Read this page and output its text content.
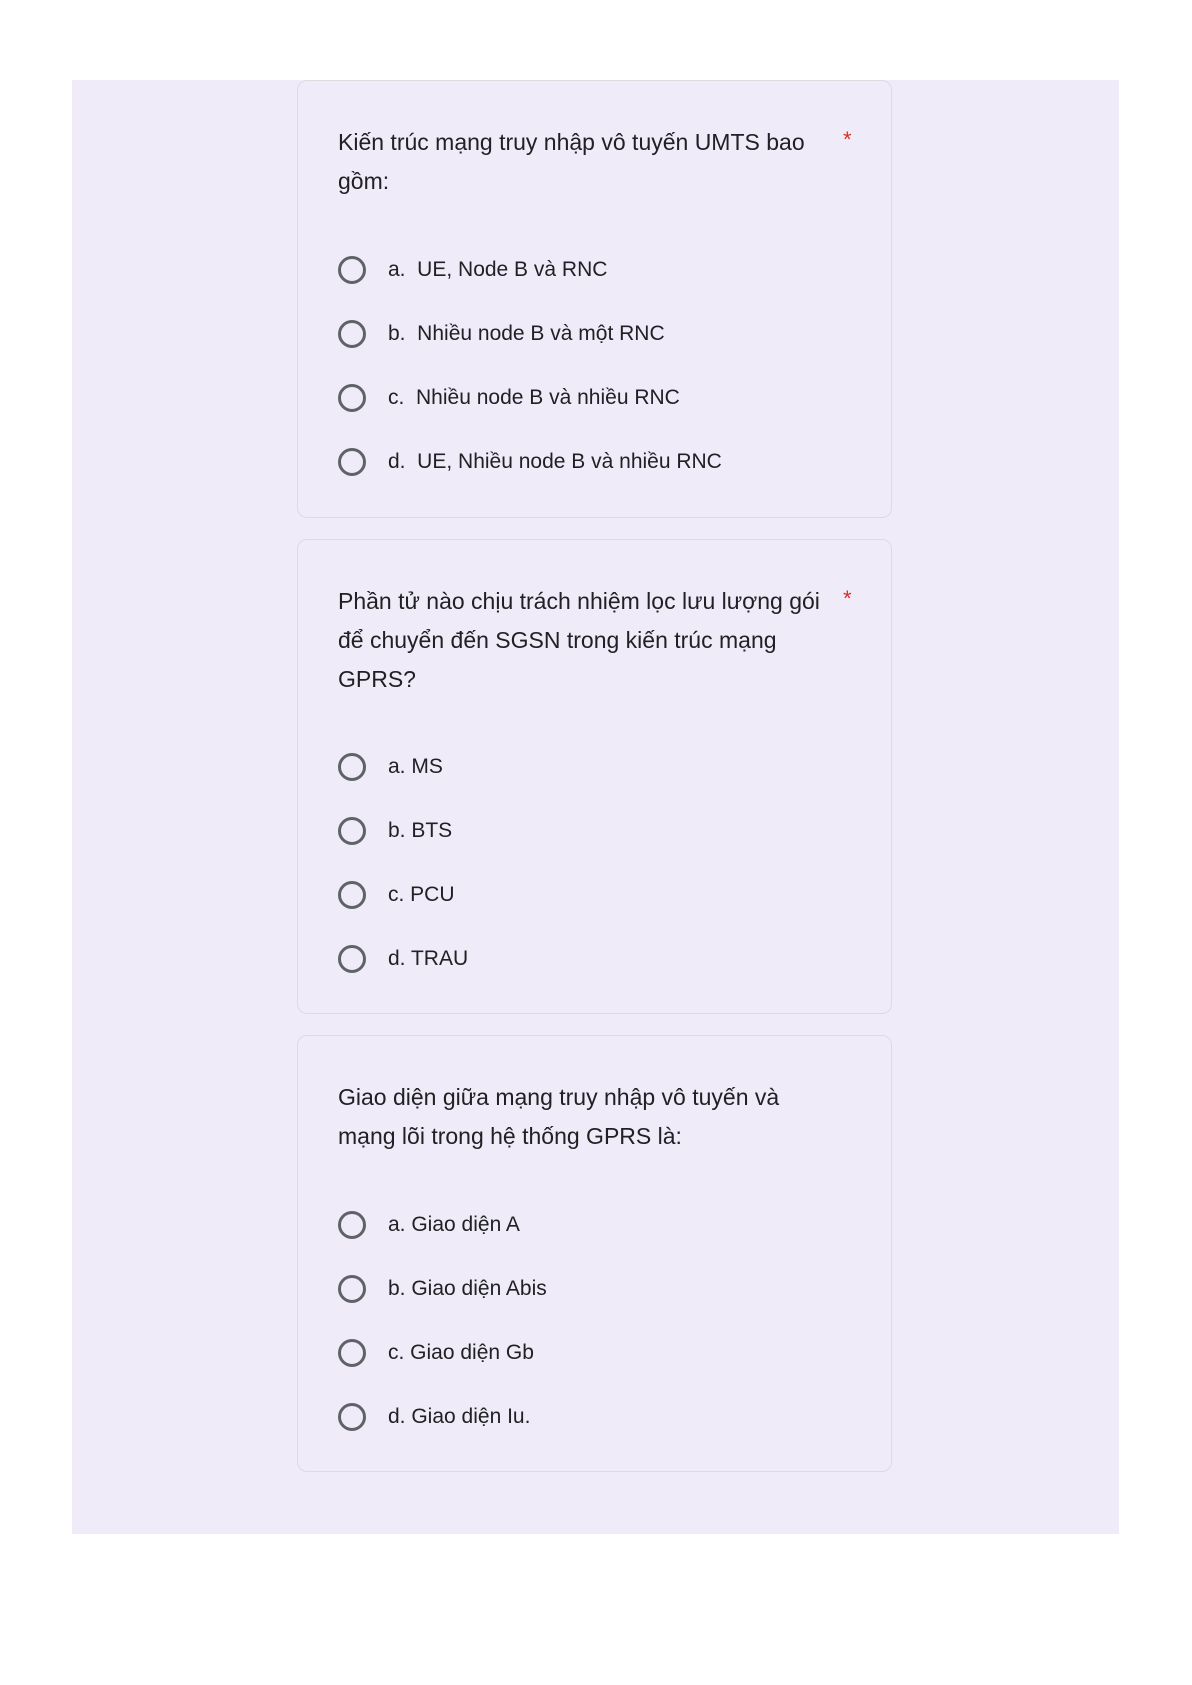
Kiến trúc mạng truy nhập vô tuyến UMTS bao gồm:
*
a.  UE, Node B và RNC
b.  Nhiều node B và một RNC
c.  Nhiều node B và nhiều RNC
d.  UE, Nhiều node B và nhiều RNC
Phần tử nào chịu trách nhiệm lọc lưu lượng gói để chuyển đến SGSN trong kiến trúc mạng GPRS?
*
a. MS
b. BTS
c. PCU
d. TRAU
Giao diện giữa mạng truy nhập vô tuyến và mạng lõi trong hệ thống GPRS là:
a. Giao diện A
b. Giao diện Abis
c. Giao diện Gb
d. Giao diện Iu.
